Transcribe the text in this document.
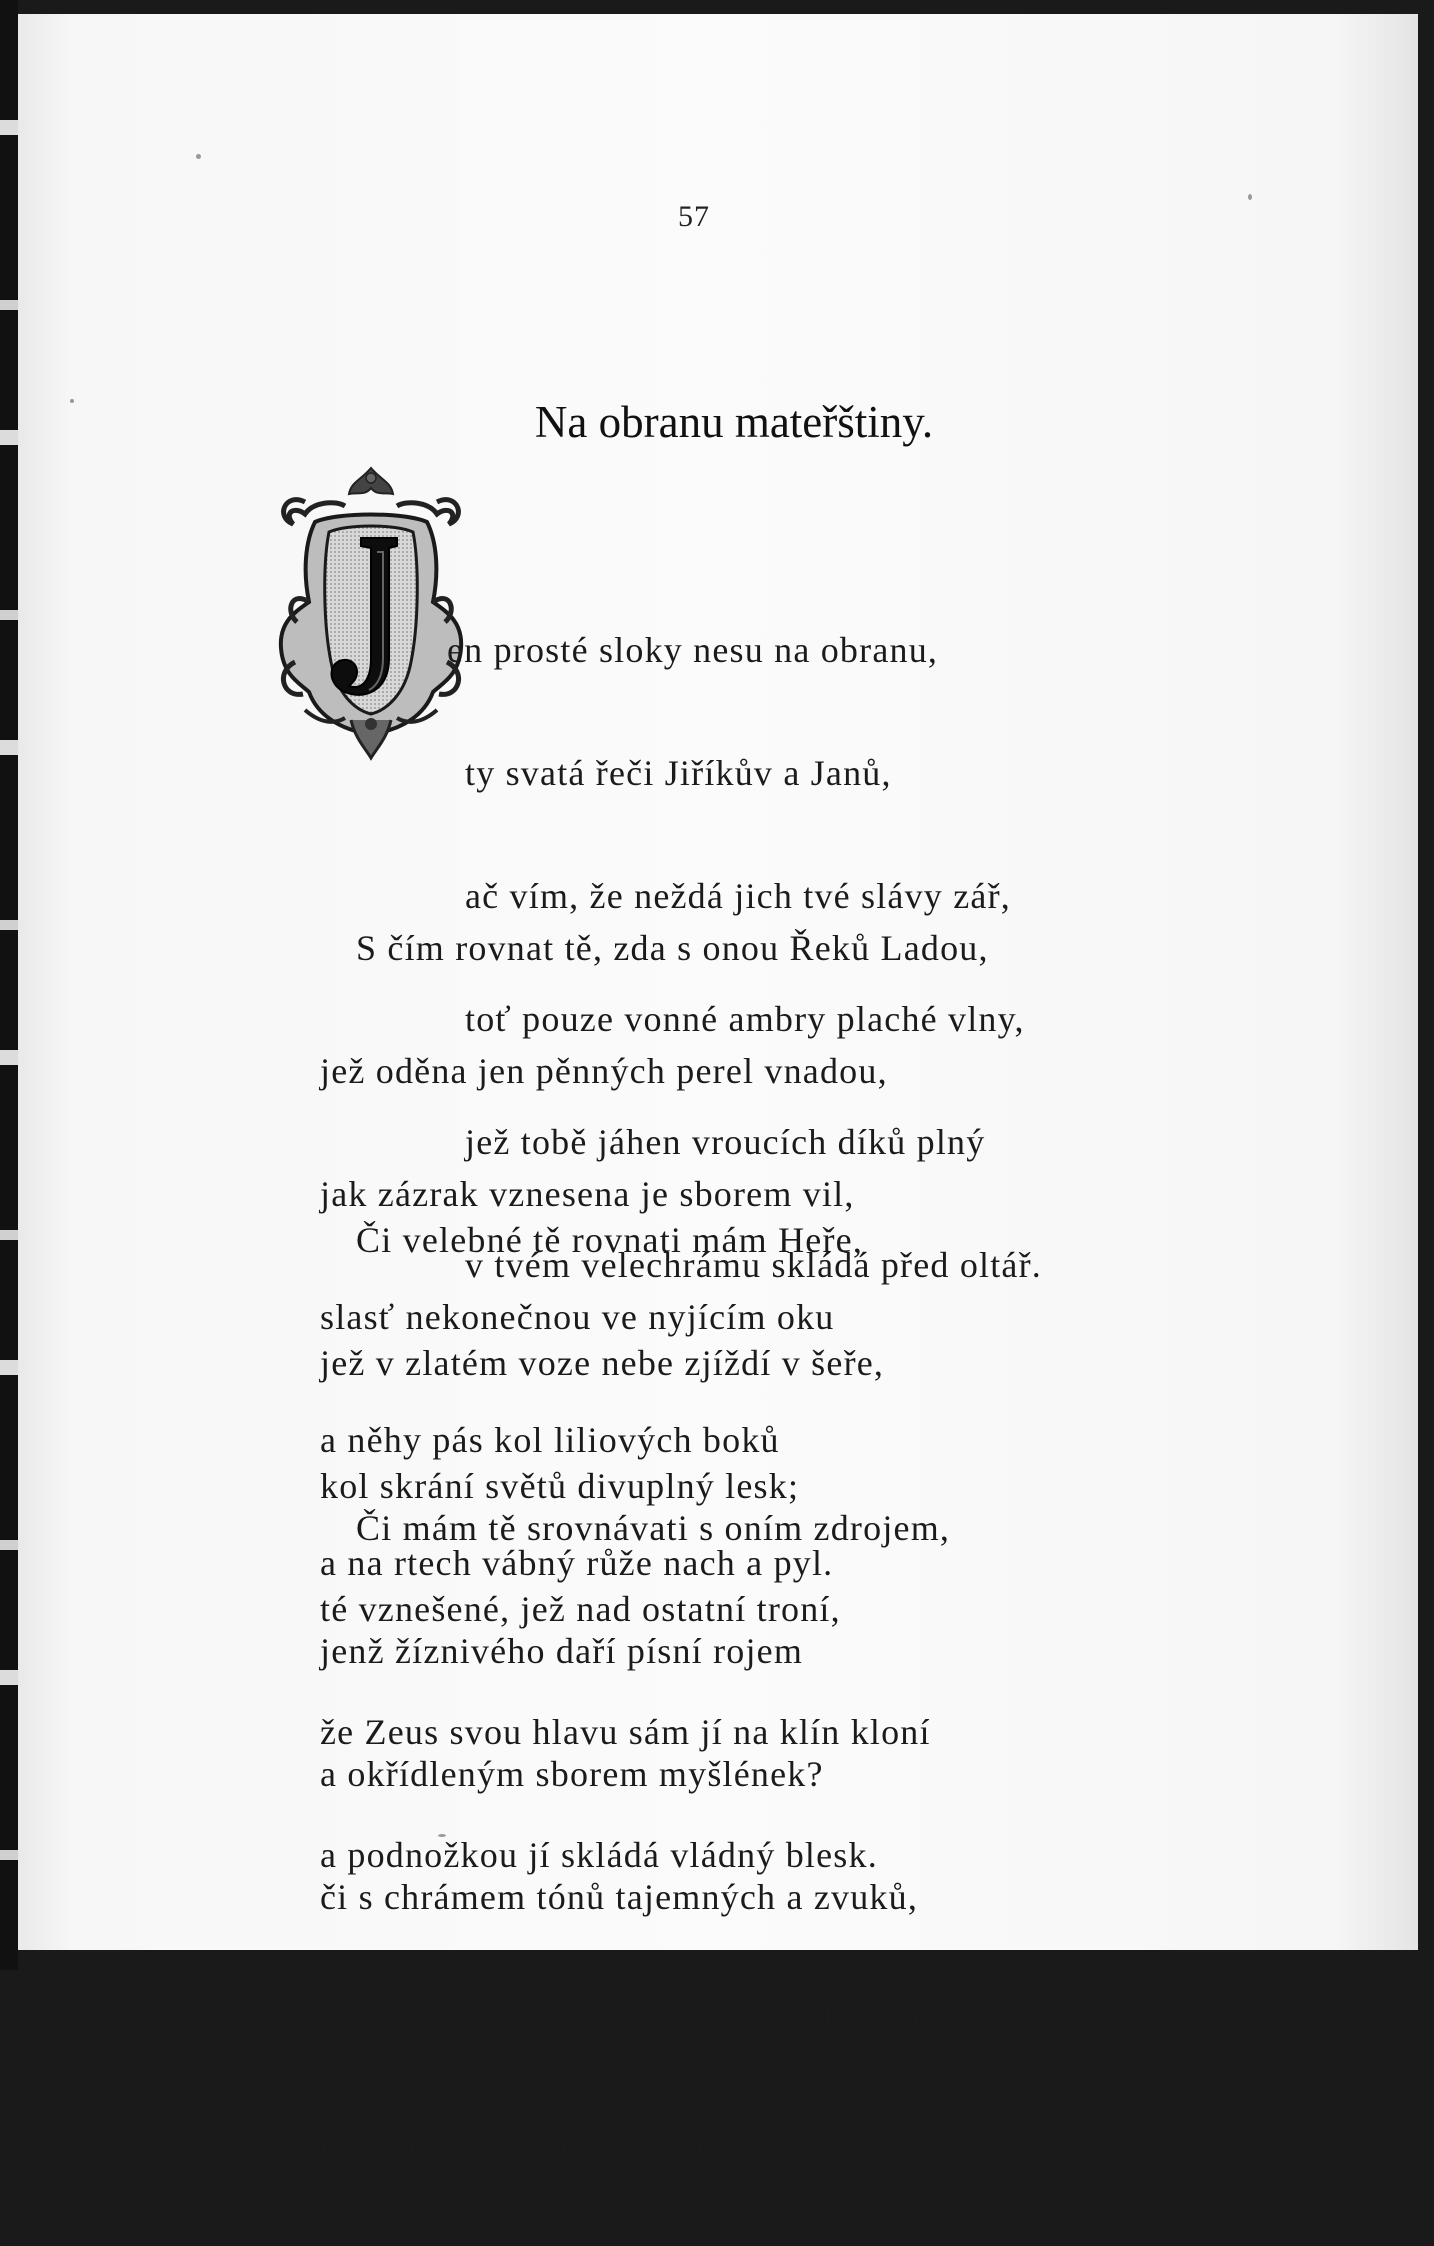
57
Na obranu mateřštiny.

en prosté sloky nesu na obranu,

ty svatá řeči Jiříkův a Janů,

ač vím, že neždá jich tvé slávy zář,

toť pouze vonné ambry plaché vlny,

jež tobě jáhen vroucích díků plný

v tvém velechrámu skládá před oltář.

S čím rovnat tě, zda s onou Řeků Ladou,

jež oděna jen pěnných perel vnadou,

jak zázrak vznesena je sborem vil,

slasť nekonečnou ve nyjícím oku

a něhy pás kol liliových boků

a na rtech vábný růže nach a pyl.

Či velebné tě rovnati mám Heře,

jež v zlatém voze nebe zjíždí v šeře,

kol skrání světů divuplný lesk;

té vznešené, jež nad ostatní troní,

že Zeus svou hlavu sám jí na klín kloní

a podnožkou jí skládá vládný blesk.

Či mám tě srovnávati s oním zdrojem,

jenž žíznivého daří písní rojem

a okřídleným sborem myšlének?

či s chrámem tónů tajemných a zvuků,

v němž každý na srdce svou klada ruku

byl citem v nebe nesen, dřív než klek'?
